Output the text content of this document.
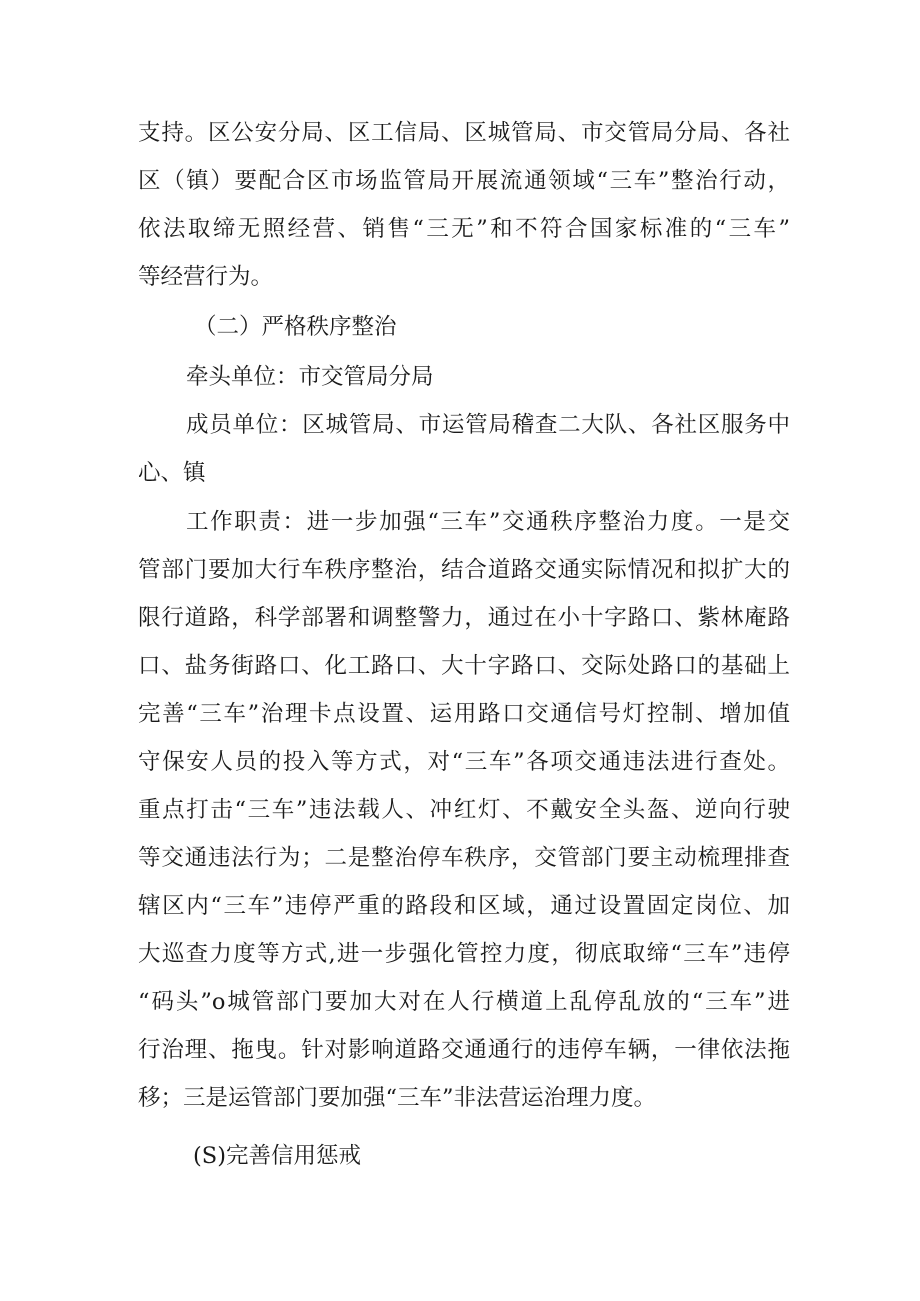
支持。区公安分局、区工信局、区城管局、市交管局分局、各社
区（镇）要配合区市场监管局开展流通领域“三车”整治行动，
依法取缔无照经营、销售“三无”和不符合国家标准的“三车”
等经营行为。
（二）严格秩序整治
牵头单位：市交管局分局
成员单位：区城管局、市运管局稽查二大队、各社区服务中
心、镇
工作职责：进一步加强“三车”交通秩序整治力度。一是交
管部门要加大行车秩序整治，结合道路交通实际情况和拟扩大的
限行道路，科学部署和调整警力，通过在小十字路口、紫林庵路
口、盐务街路口、化工路口、大十字路口、交际处路口的基础上
完善“三车”治理卡点设置、运用路口交通信号灯控制、增加值
守保安人员的投入等方式，对“三车”各项交通违法进行查处。
重点打击“三车”违法载人、冲红灯、不戴安全头盔、逆向行驶
等交通违法行为；二是整治停车秩序，交管部门要主动梳理排查
辖区内“三车”违停严重的路段和区域，通过设置固定岗位、加
大巡查力度等方式,进一步强化管控力度，彻底取缔“三车”违停
“码头”o城管部门要加大对在人行横道上乱停乱放的“三车”进
行治理、拖曳。针对影响道路交通通行的违停车辆，一律依法拖
移；三是运管部门要加强“三车”非法营运治理力度。
(S)完善信用惩戒
